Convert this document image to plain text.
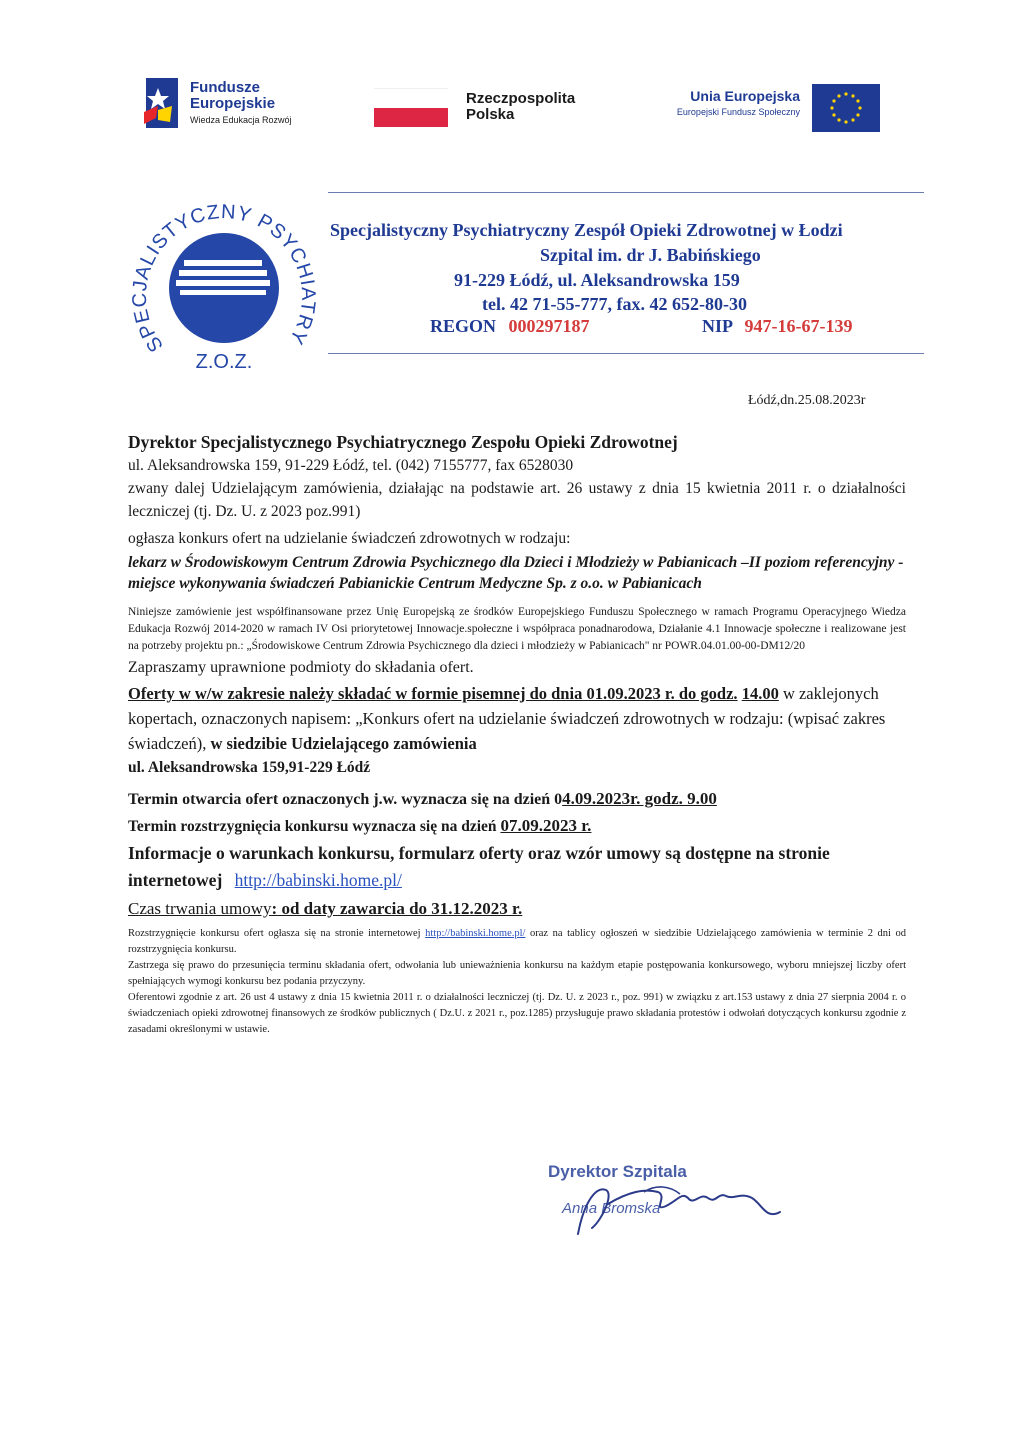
Fundusze
Europejskie
Wiedza Edukacja Rozwój
Rzeczpospolita
Polska
Unia Europejska
Europejski Fundusz Społeczny
SPECJALISTYCZNY PSYCHIATRY
Z.O.Z.
Specjalistyczny Psychiatryczny Zespół Opieki Zdrowotnej w Łodzi
Szpital im. dr J. Babińskiego
91-229 Łódź, ul. Aleksandrowska 159
tel. 42 71-55-777, fax. 42 652-80-30
REGON 000297187	NIP 947-16-67-139
Łódź,dn.25.08.2023r
Dyrektor Specjalistycznego Psychiatrycznego Zespołu Opieki Zdrowotnej
ul. Aleksandrowska 159, 91-229 Łódź, tel. (042) 7155777, fax 6528030
zwany dalej Udzielającym zamówienia, działając na podstawie art. 26 ustawy z dnia 15 kwietnia 2011 r. o działalności leczniczej (tj. Dz. U. z 2023 poz.991)
ogłasza konkurs ofert na udzielanie świadczeń zdrowotnych w rodzaju:
lekarz w Środowiskowym Centrum Zdrowia Psychicznego dla Dzieci i Młodzieży w Pabianicach –II poziom referencyjny - miejsce wykonywania świadczeń Pabianickie Centrum Medyczne Sp. z o.o. w Pabianicach
Niniejsze zamówienie jest współfinansowane przez Unię Europejską ze środków Europejskiego Funduszu Społecznego w ramach Programu Operacyjnego Wiedza Edukacja Rozwój 2014-2020 w ramach IV Osi priorytetowej Innowacje.społeczne i współpraca ponadnarodowa, Działanie 4.1 Innowacje społeczne i realizowane jest na potrzeby projektu pn.: „Środowiskowe Centrum Zdrowia Psychicznego dla dzieci i młodzieży w Pabianicach" nr POWR.04.01.00-00-DM12/20
Zapraszamy uprawnione podmioty do składania ofert.
Oferty w w/w zakresie należy składać w formie pisemnej do dnia 01.09.2023 r. do godz. 14.00 w zaklejonych kopertach, oznaczonych napisem: „Konkurs ofert na udzielanie świadczeń zdrowotnych w rodzaju: (wpisać zakres świadczeń), w siedzibie Udzielającego zamówienia
ul. Aleksandrowska 159,91-229 Łódź
Termin otwarcia ofert oznaczonych j.w. wyznacza się na dzień 04.09.2023r. godz. 9.00
Termin rozstrzygnięcia konkursu wyznacza się na dzień 07.09.2023 r.
Informacje o warunkach konkursu, formularz oferty oraz wzór umowy są dostępne na stronie internetowej http://babinski.home.pl/
Czas trwania umowy: od daty zawarcia do 31.12.2023 r.
Rozstrzygnięcie konkursu ofert ogłasza się na stronie internetowej http://babinski.home.pl/ oraz na tablicy ogłoszeń w siedzibie Udzielającego zamówienia w terminie 2 dni od rozstrzygnięcia konkursu.
Zastrzega się prawo do przesunięcia terminu składania ofert, odwołania lub unieważnienia konkursu na każdym etapie postępowania konkursowego, wyboru mniejszej liczby ofert spełniających wymogi konkursu bez podania przyczyny.
Oferentowi zgodnie z art. 26 ust 4 ustawy z dnia 15 kwietnia 2011 r. o działalności leczniczej (tj. Dz. U. z 2023 r., poz. 991) w związku z art.153 ustawy z dnia 27 sierpnia 2004 r. o świadczeniach opieki zdrowotnej finansowych ze środków publicznych ( Dz.U. z 2021 r., poz.1285) przysługuje prawo składania protestów i odwołań dotyczących konkursu zgodnie z zasadami określonymi w ustawie.
Dyrektor Szpitala
Anna Bromska
